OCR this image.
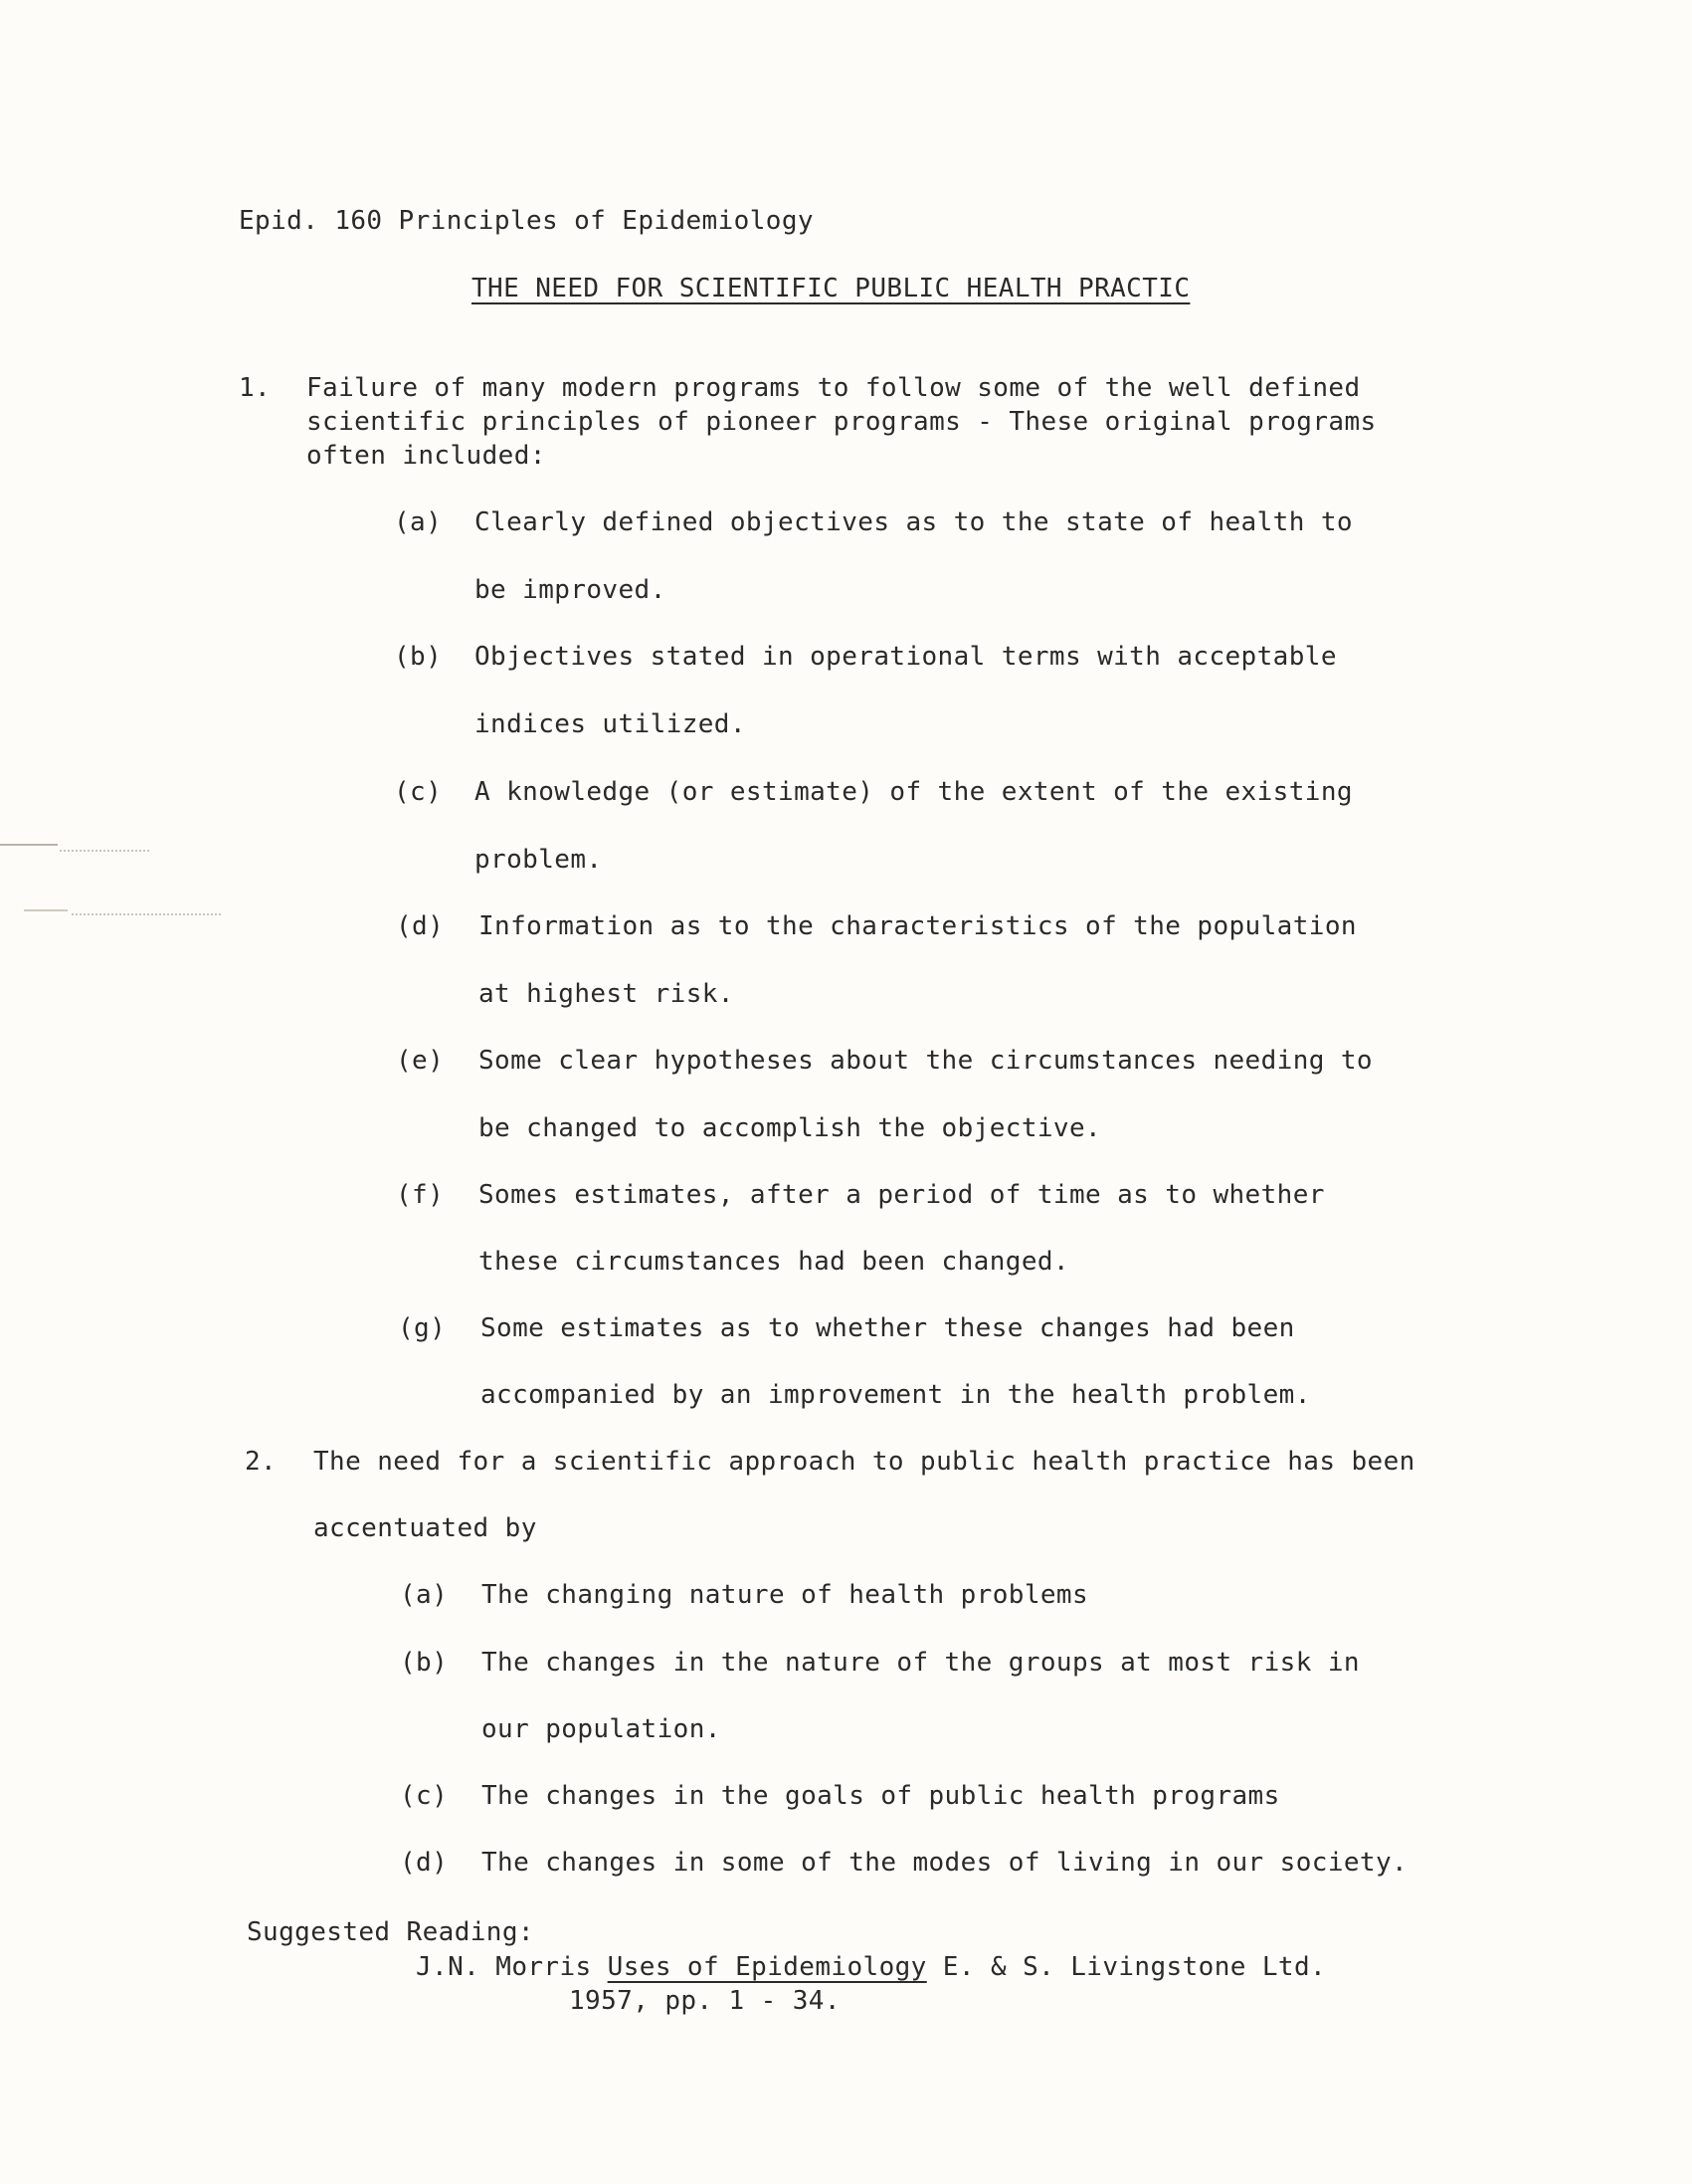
Epid. 160 Principles of Epidemiology
THE NEED FOR SCIENTIFIC PUBLIC HEALTH PRACTIC
1. Failure of many modern programs to follow some of the well defined
scientific principles of pioneer programs - These original programs
often included:
(a) Clearly defined objectives as to the state of health to
be improved.
(b) Objectives stated in operational terms with acceptable
indices utilized.
(c) A knowledge (or estimate) of the extent of the existing
problem.
(d) Information as to the characteristics of the population
at highest risk.
(e) Some clear hypotheses about the circumstances needing to
be changed to accomplish the objective.
(f) Somes estimates, after a period of time as to whether
these circumstances had been changed.
(g) Some estimates as to whether these changes had been
accompanied by an improvement in the health problem.
2. The need for a scientific approach to public health practice has been
accentuated by
(a) The changing nature of health problems
(b) The changes in the nature of the groups at most risk in
our population.
(c) The changes in the goals of public health programs
(d) The changes in some of the modes of living in our society.
Suggested Reading:
J.N. Morris Uses of Epidemiology E. & S. Livingstone Ltd.
1957, pp. 1 - 34.
